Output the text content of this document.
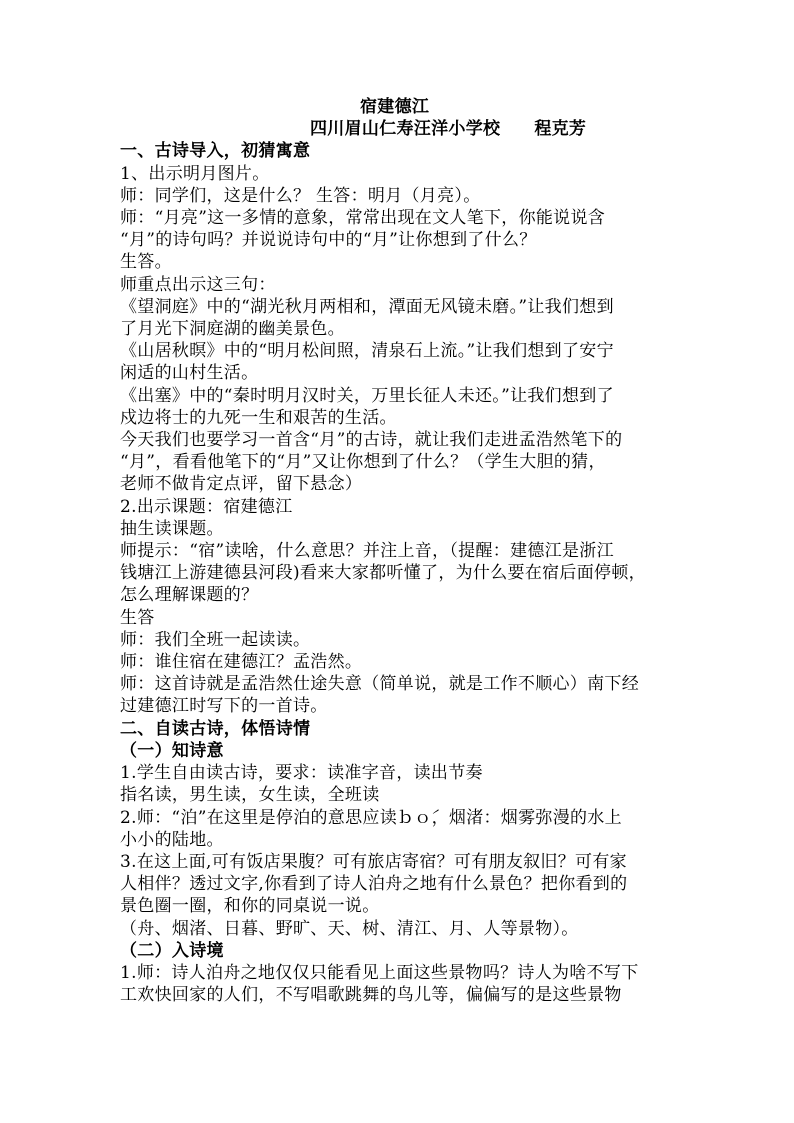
宿建德江
四川眉山仁寿汪洋小学校 程克芳
一、古诗导入，初猜寓意
1、出示明月图片。
师：同学们，这是什么？ 生答：明月（月亮）。
师：“月亮”这一多情的意象，常常出现在文人笔下，你能说说含
“月”的诗句吗？并说说诗句中的“月”让你想到了什么？
生答。
师重点出示这三句：
《望洞庭》中的“湖光秋月两相和，潭面无风镜未磨。”让我们想到
了月光下洞庭湖的幽美景色。
《山居秋暝》中的“明月松间照，清泉石上流。”让我们想到了安宁
闲适的山村生活。
《出塞》中的“秦时明月汉时关，万里长征人未还。”让我们想到了
戍边将士的九死一生和艰苦的生活。
今天我们也要学习一首含“月”的古诗，就让我们走进孟浩然笔下的
“月”，看看他笔下的“月”又让你想到了什么？（学生大胆的猜，
老师不做肯定点评，留下悬念）
2.出示课题：宿建德江
抽生读课题。
师提示：“宿”读啥，什么意思？并注上音，（提醒：建德江是浙江
钱塘江上游建德县河段)看来大家都听懂了，为什么要在宿后面停顿，
怎么理解课题的？
生答
师：我们全班一起读读。
师：谁住宿在建德江？孟浩然。
师：这首诗就是孟浩然仕途失意（简单说，就是工作不顺心）南下经
过建德江时写下的一首诗。
二、自读古诗，体悟诗情
（一）知诗意
1.学生自由读古诗，要求：读准字音，读出节奏
指名读，男生读，女生读，全班读
2.师：“泊”在这里是停泊的意思应读ｂｏ́，烟渚：烟雾弥漫的水上
小小的陆地。
3.在这上面,可有饭店果腹？可有旅店寄宿？可有朋友叙旧？可有家
人相伴？透过文字,你看到了诗人泊舟之地有什么景色？把你看到的
景色圈一圈，和你的同桌说一说。
（舟、烟渚、日暮、野旷、天、树、清江、月、人等景物）。
（二）入诗境
1.师：诗人泊舟之地仅仅只能看见上面这些景物吗？诗人为啥不写下
工欢快回家的人们，不写唱歌跳舞的鸟儿等，偏偏写的是这些景物
